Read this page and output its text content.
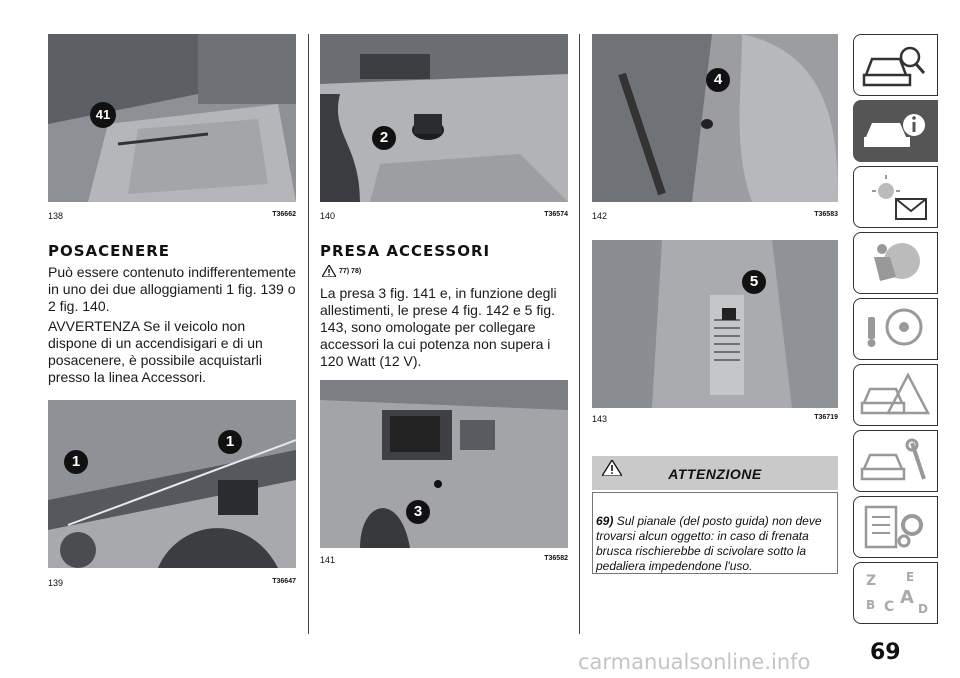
41
138	T36662
POSACENERE

Può essere contenuto indifferentemente in uno dei due alloggiamenti 1 fig. 139 o 2 fig. 140.

AVVERTENZA Se il veicolo non dispone di un accendisigari e di un posacenere, è possibile acquistarli presso la linea Accessori.

1
1
139	T36647
2
140	T36574
PRESA ACCESSORI
77) 78)

La presa 3 fig. 141 e, in funzione degli allestimenti, le prese 4 fig. 142 e 5 fig. 143, sono omologate per collegare accessori la cui potenza non supera i 120 Watt (12 V).

3
141	T36582
4
142	T36583
5
143	T36719
ATTENZIONE

69) Sul pianale (del posto guida) non deve trovarsi alcun oggetto: in caso di frenata brusca rischierebbe di scivolare sotto la pedaliera impedendone l'uso.

Z E
B C A
D
69
carmanualsonline.info
